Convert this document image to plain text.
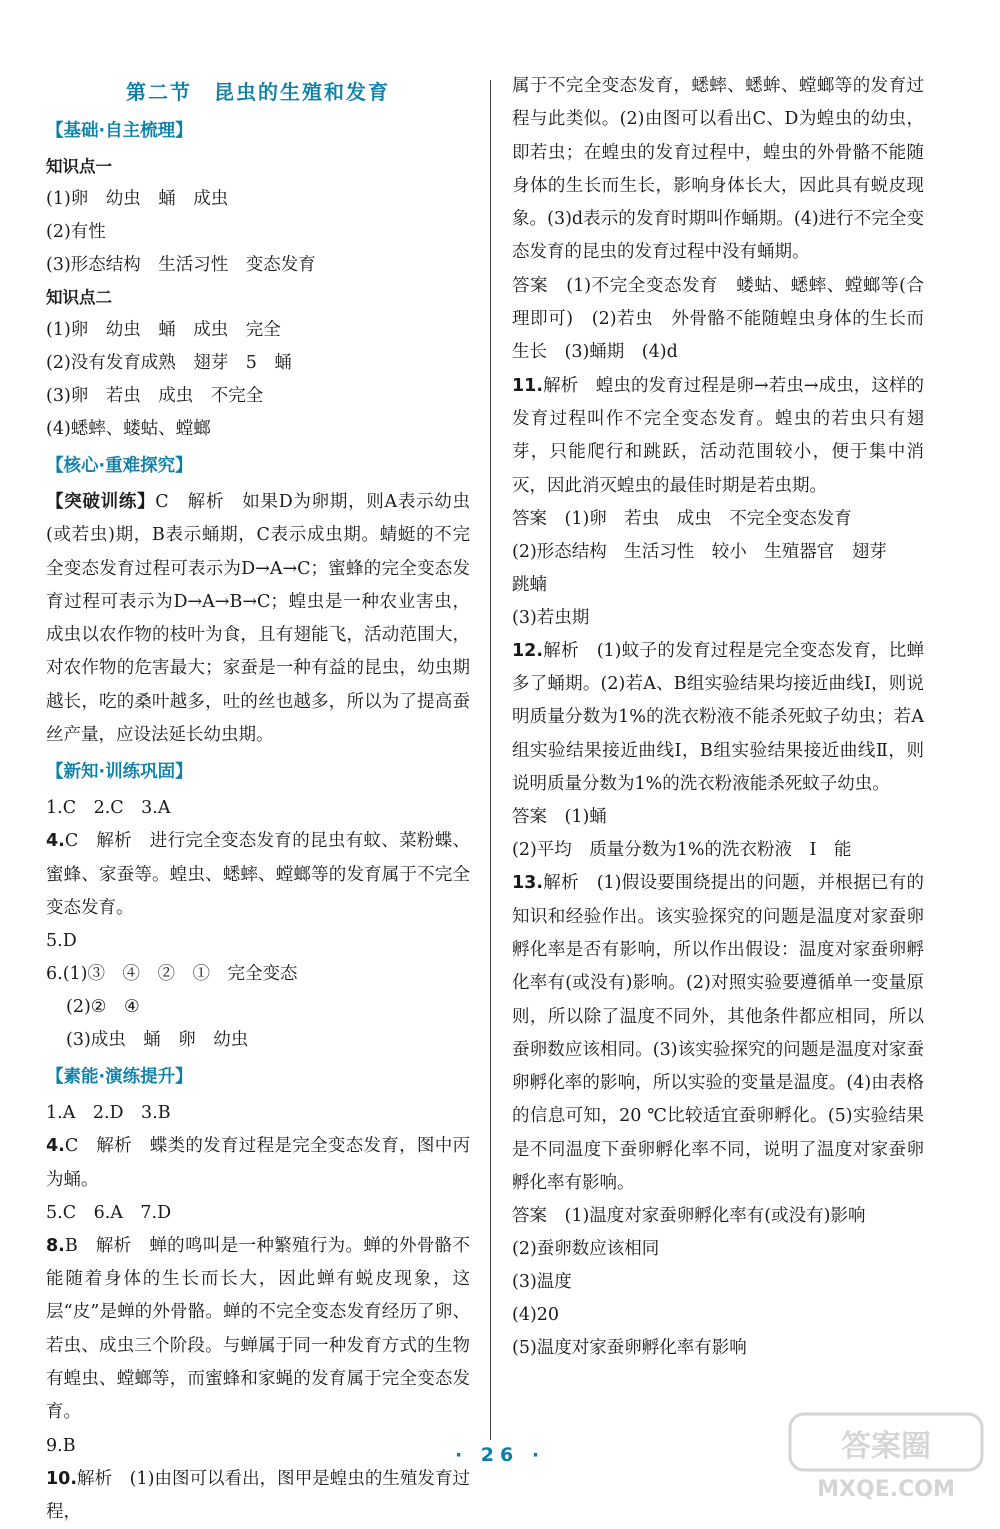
第二节　昆虫的生殖和发育
【基础·自主梳理】
知识点一
(1)卵　幼虫　蛹　成虫
(2)有性
(3)形态结构　生活习性　变态发育
知识点二
(1)卵　幼虫　蛹　成虫　完全
(2)没有发育成熟　翅芽　5　蛹
(3)卵　若虫　成虫　不完全
(4)蟋蟀、蝼蛄、螳螂
【核心·重难探究】
【突破训练】C　解析　如果D为卵期，则A表示幼虫(或若虫)期，B表示蛹期，C表示成虫期。蜻蜓的不完全变态发育过程可表示为D→A→C；蜜蜂的完全变态发育过程可表示为D→A→B→C；蝗虫是一种农业害虫，成虫以农作物的枝叶为食，且有翅能飞，活动范围大，对农作物的危害最大；家蚕是一种有益的昆虫，幼虫期越长，吃的桑叶越多，吐的丝也越多，所以为了提高蚕丝产量，应设法延长幼虫期。
【新知·训练巩固】
1.C　2.C　3.A
4.C　解析　进行完全变态发育的昆虫有蚊、菜粉蝶、蜜蜂、家蚕等。蝗虫、蟋蟀、螳螂等的发育属于不完全变态发育。
5.D
6.(1)③　④　②　①　完全变态
(2)②　④
(3)成虫　蛹　卵　幼虫
【素能·演练提升】
1.A　2.D　3.B
4.C　解析　蝶类的发育过程是完全变态发育，图中丙为蛹。
5.C　6.A　7.D
8.B　解析　蝉的鸣叫是一种繁殖行为。蝉的外骨骼不能随着身体的生长而长大，因此蝉有蜕皮现象，这层“皮”是蝉的外骨骼。蝉的不完全变态发育经历了卵、若虫、成虫三个阶段。与蝉属于同一种发育方式的生物有蝗虫、螳螂等，而蜜蜂和家蝇的发育属于完全变态发育。
9.B
10.解析　(1)由图可以看出，图甲是蝗虫的生殖发育过程，
属于不完全变态发育，蟋蟀、蟋蛑、螳螂等的发育过程与此类似。(2)由图可以看出C、D为蝗虫的幼虫，即若虫；在蝗虫的发育过程中，蝗虫的外骨骼不能随身体的生长而生长，影响身体长大，因此具有蜕皮现象。(3)d表示的发育时期叫作蛹期。(4)进行不完全变态发育的昆虫的发育过程中没有蛹期。
答案　(1)不完全变态发育　蝼蛄、蟋蟀、螳螂等(合理即可)　(2)若虫　外骨骼不能随蝗虫身体的生长而生长　(3)蛹期　(4)d
11.解析　蝗虫的发育过程是卵→若虫→成虫，这样的发育过程叫作不完全变态发育。蝗虫的若虫只有翅芽，只能爬行和跳跃，活动范围较小，便于集中消灭，因此消灭蝗虫的最佳时期是若虫期。
答案　(1)卵　若虫　成虫　不完全变态发育
(2)形态结构　生活习性　较小　生殖器官　翅芽
跳蝻
(3)若虫期
12.解析　(1)蚊子的发育过程是完全变态发育，比蝉多了蛹期。(2)若A、B组实验结果均接近曲线Ⅰ，则说明质量分数为1%的洗衣粉液不能杀死蚊子幼虫；若A组实验结果接近曲线Ⅰ，B组实验结果接近曲线Ⅱ，则说明质量分数为1%的洗衣粉液能杀死蚊子幼虫。
答案　(1)蛹
(2)平均　质量分数为1%的洗衣粉液　Ⅰ　能
13.解析　(1)假设要围绕提出的问题，并根据已有的知识和经验作出。该实验探究的问题是温度对家蚕卵孵化率是否有影响，所以作出假设：温度对家蚕卵孵化率有(或没有)影响。(2)对照实验要遵循单一变量原则，所以除了温度不同外，其他条件都应相同，所以蚕卵数应该相同。(3)该实验探究的问题是温度对家蚕卵孵化率的影响，所以实验的变量是温度。(4)由表格的信息可知，20 ℃比较适宜蚕卵孵化。(5)实验结果是不同温度下蚕卵孵化率不同，说明了温度对家蚕卵孵化率有影响。
答案　(1)温度对家蚕卵孵化率有(或没有)影响
(2)蚕卵数应该相同
(3)温度
(4)20
(5)温度对家蚕卵孵化率有影响
· 26 ·	答案圈
MXQE.COM
